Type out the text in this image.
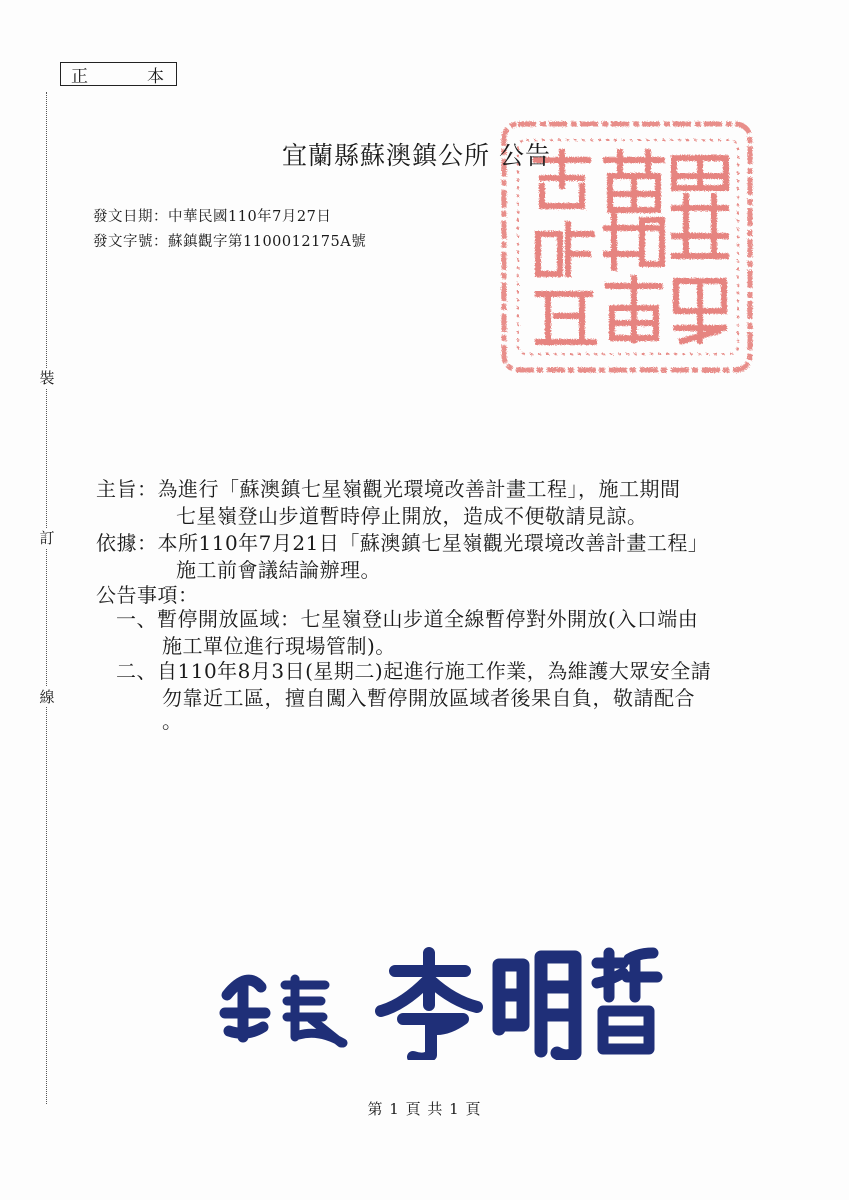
正	本
裝
訂
線
宜蘭縣蘇澳鎮公所 公告
發文日期：中華民國110年7月27日
發文字號：蘇鎮觀字第1100012175A號
主旨：為進行「蘇澳鎮七星嶺觀光環境改善計畫工程」，施工期間
七星嶺登山步道暫時停止開放，造成不便敬請見諒。
依據：本所110年7月21日「蘇澳鎮七星嶺觀光環境改善計畫工程」
施工前會議結論辦理。
公告事項：
一、暫停開放區域：七星嶺登山步道全線暫停對外開放(入口端由
施工單位進行現場管制)。
二、自110年8月3日(星期二)起進行施工作業，為維護大眾安全請
勿靠近工區，擅自闖入暫停開放區域者後果自負，敬請配合
。
第 1 頁 共 1 頁
